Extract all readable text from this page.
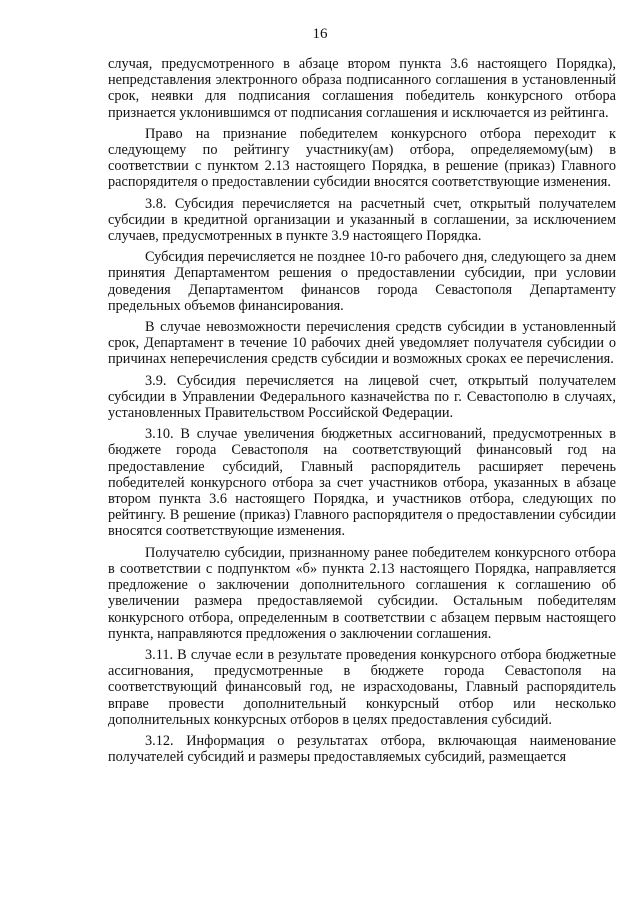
16

случая, предусмотренного в абзаце втором пункта 3.6 настоящего Порядка), непредставления электронного образа подписанного соглашения в установленный срок, неявки для подписания соглашения победитель конкурсного отбора признается уклонившимся от подписания соглашения и исключается из рейтинга.

Право на признание победителем конкурсного отбора переходит к следующему по рейтингу участнику(ам) отбора, определяемому(ым) в соответствии с пунктом 2.13 настоящего Порядка, в решение (приказ) Главного распорядителя о предоставлении субсидии вносятся соответствующие изменения.

3.8. Субсидия перечисляется на расчетный счет, открытый получателем субсидии в кредитной организации и указанный в соглашении, за исключением случаев, предусмотренных в пункте 3.9 настоящего Порядка.

Субсидия перечисляется не позднее 10-го рабочего дня, следующего за днем принятия Департаментом решения о предоставлении субсидии, при условии доведения Департаментом финансов города Севастополя Департаменту предельных объемов финансирования.

В случае невозможности перечисления средств субсидии в установленный срок, Департамент в течение 10 рабочих дней уведомляет получателя субсидии о причинах неперечисления средств субсидии и возможных сроках ее перечисления.

3.9. Субсидия перечисляется на лицевой счет, открытый получателем субсидии в Управлении Федерального казначейства по г. Севастополю в случаях, установленных Правительством Российской Федерации.

3.10. В случае увеличения бюджетных ассигнований, предусмотренных в бюджете города Севастополя на соответствующий финансовый год на предоставление субсидий, Главный распорядитель расширяет перечень победителей конкурсного отбора за счет участников отбора, указанных в абзаце втором пункта 3.6 настоящего Порядка, и участников отбора, следующих по рейтингу. В решение (приказ) Главного распорядителя о предоставлении субсидии вносятся соответствующие изменения.

Получателю субсидии, признанному ранее победителем конкурсного отбора в соответствии с подпунктом «б» пункта 2.13 настоящего Порядка, направляется предложение о заключении дополнительного соглашения к соглашению об увеличении размера предоставляемой субсидии. Остальным победителям конкурсного отбора, определенным в соответствии с абзацем первым настоящего пункта, направляются предложения о заключении соглашения.

3.11. В случае если в результате проведения конкурсного отбора бюджетные ассигнования, предусмотренные в бюджете города Севастополя на соответствующий финансовый год, не израсходованы, Главный распорядитель вправе провести дополнительный конкурсный отбор или несколько дополнительных конкурсных отборов в целях предоставления субсидий.

3.12. Информация о результатах отбора, включающая наименование получателей субсидий и размеры предоставляемых субсидий, размещается
